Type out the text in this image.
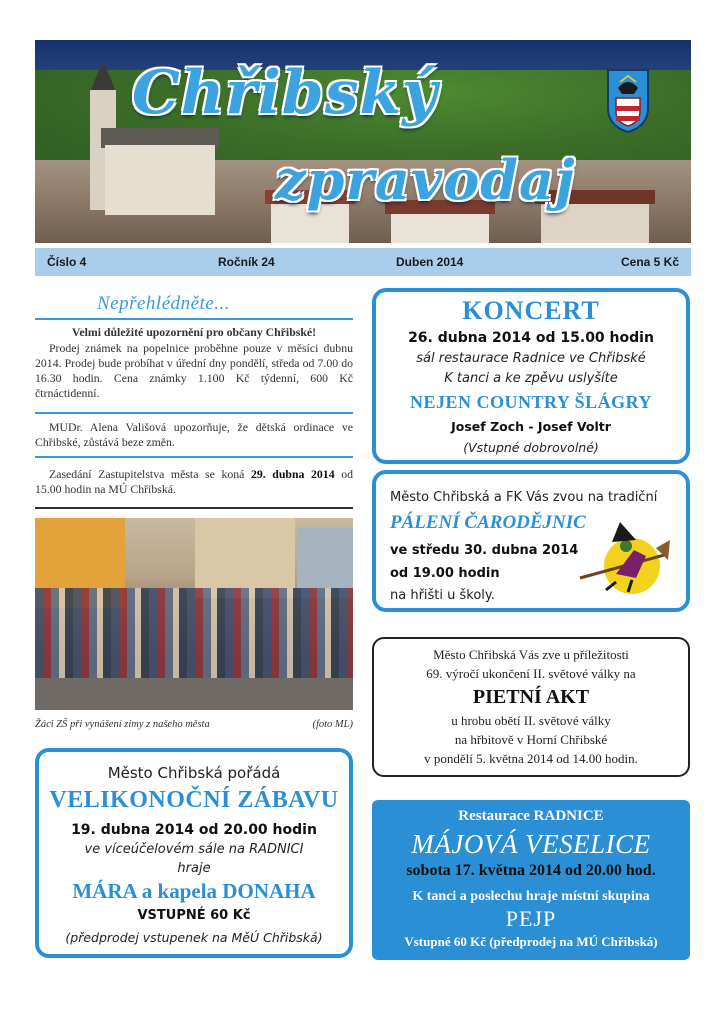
Chřibský
zpravodaj
Číslo 4	Ročník 24	Duben 2014	Cena 5 Kč
Nepřehlédněte...
Velmi důležité upozornění pro občany Chřibské!
Prodej známek na popelnice proběhne pouze v měsíci dubnu 2014. Prodej bude probíhat v úřední dny pondělí, středa od 7.00 do 16.30 hodin. Cena známky 1.100 Kč týdenní, 600 Kč čtrnáctidenní.
MUDr. Alena Vališová upozorňuje, že dětská ordinace ve Chřibské, zůstává beze změn.
Zasedání Zastupitelstva města se koná 29. dubna 2014 od 15.00 hodin na MÚ Chřibská.
Žáci ZŠ při vynášení zimy z našeho města	(foto ML)
Město Chřibská pořádá
VELIKONOČNÍ ZÁBAVU
19. dubna 2014 od 20.00 hodin
ve víceúčelovém sále na RADNICI
hraje
MÁRA a kapela DONAHA
VSTUPNÉ 60 Kč
(předprodej vstupenek na MěÚ Chřibská)
KONCERT
26. dubna 2014 od 15.00 hodin
sál restaurace Radnice ve Chřibské
K tanci a ke zpěvu uslyšíte
NEJEN COUNTRY ŠLÁGRY
Josef Zoch - Josef Voltr
(Vstupné dobrovolné)
Město Chřibská a FK Vás zvou na tradiční
PÁLENÍ ČARODĚJNIC
ve středu 30. dubna 2014
od 19.00 hodin
na hřišti u školy.
Město Chřibská Vás zve u příležitosti
69. výročí ukončení II. světové války na
PIETNÍ AKT
u hrobu obětí II. světové války
na hřbitově v Horní Chřibské
v pondělí 5. května 2014 od 14.00 hodin.
Restaurace RADNICE
MÁJOVÁ VESELICE
sobota 17. května 2014 od 20.00 hod.
K tanci a poslechu hraje místní skupina
PEJP
Vstupné 60 Kč (předprodej na MÚ Chřibská)
